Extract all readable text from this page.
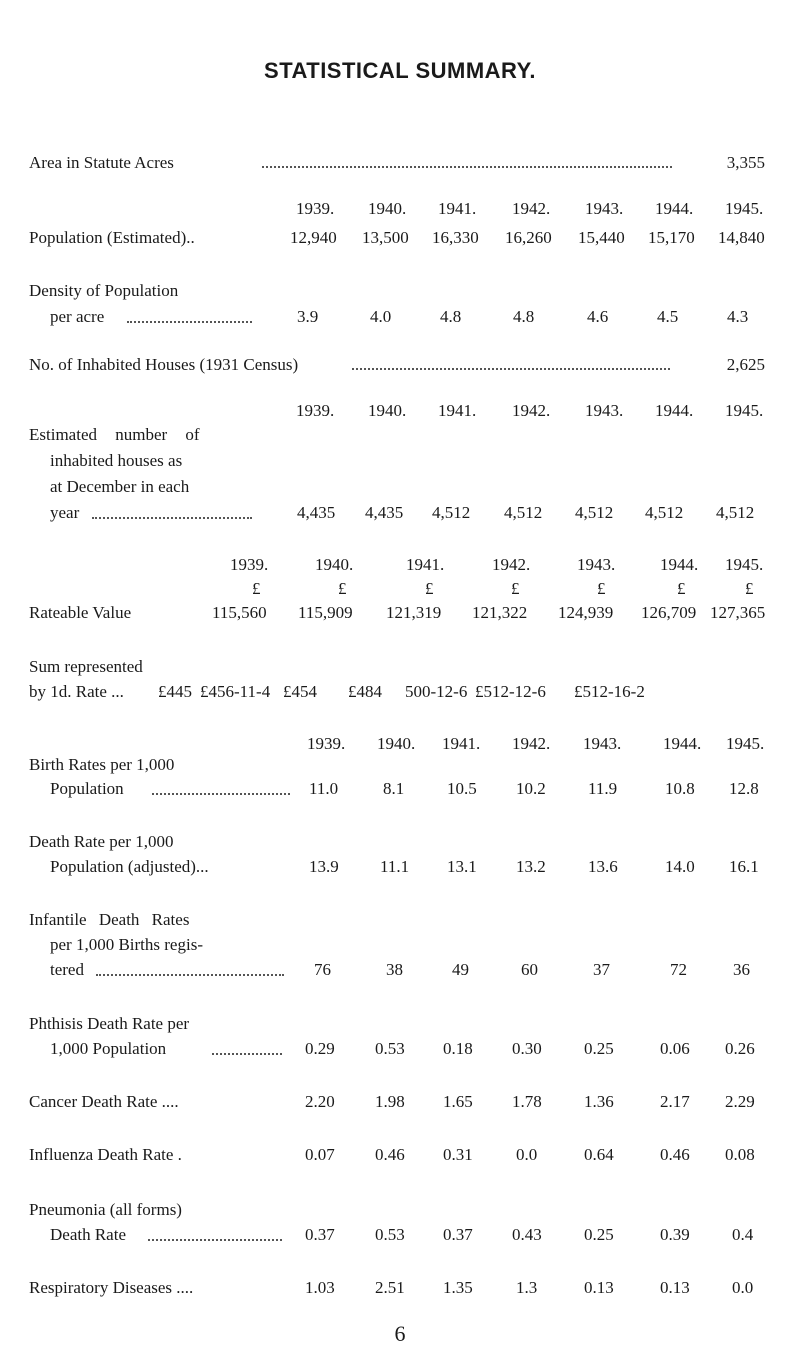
STATISTICAL SUMMARY.
Area in Statute Acres	3,355
1939. 1940. 1941. 1942. 1943. 1944. 1945.
Population (Estimated)..	12,940 13,500 16,330 16,260 15,440 15,170 14,840
Density of Population
per acre	3.9	4.0	4.8	4.8	4.6	4.5	4.3
No. of Inhabited Houses (1931 Census)	2,625
1939. 1940. 1941. 1942. 1943. 1944. 1945.
Estimated number of
inhabited houses as
at December in each
year	4,435 4,435 4,512 4,512 4,512 4,512 4,512
1939.	1940.	1941.	1942.	1943.	1944. 1945.
£	£	£	£	£	£	£
Rateable Value	115,560 115,909 121,319 121,322 124,939 126,709 127,365
Sum represented
by 1d. Rate ... £445 £456-11-4 £454 £484 500-12-6 £512-12-6 £512-16-2
1939. 1940. 1941. 1942. 1943. 1944. 1945.
Birth Rates per 1,000
Population	11.0	8.1	10.5 10.2 11.9	10.8 12.8
Death Rate per 1,000
Population (adjusted)...	13.9 11.1 13.1 13.2 13.6	14.0 16.1
Infantile Death Rates
per 1,000 Births regis-
tered	76	38	49	60	37	72	36
Phthisis Death Rate per
1,000 Population	0.29 0.53 0.18 0.30 0.25	0.06 0.26
Cancer Death Rate ....	2.20 1.98 1.65 1.78 1.36	2.17 2.29
Influenza Death Rate .	0.07 0.46 0.31	0.0	0.64	0.46 0.08
Pneumonia (all forms)
Death Rate	0.37 0.53 0.37 0.43 0.25	0.39 0.4
Respiratory Diseases ....	1.03 2.51 1.35	1.3	0.13	0.13 0.0
6
